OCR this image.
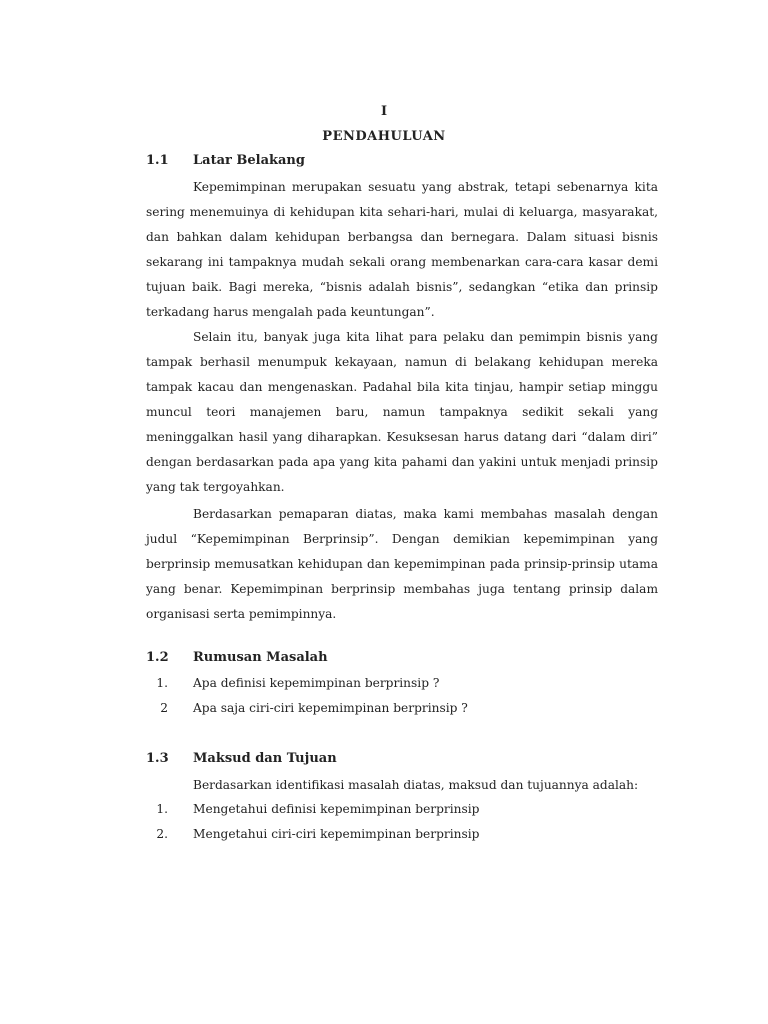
I
PENDAHULUAN
1.1 Latar Belakang

Kepemimpinan merupakan sesuatu yang abstrak, tetapi sebenarnya kita sering menemuinya di kehidupan kita sehari-hari, mulai di keluarga, masyarakat, dan bahkan dalam kehidupan berbangsa dan bernegara. Dalam situasi bisnis sekarang ini tampaknya mudah sekali orang membenarkan cara-cara kasar demi tujuan baik. Bagi mereka, “bisnis adalah bisnis”, sedangkan “etika dan prinsip terkadang harus mengalah pada keuntungan”.

Selain itu, banyak juga kita lihat para pelaku dan pemimpin bisnis yang tampak berhasil menumpuk kekayaan, namun di belakang kehidupan mereka tampak kacau dan mengenaskan. Padahal bila kita tinjau, hampir setiap minggu muncul teori manajemen baru, namun tampaknya sedikit sekali yang meninggalkan hasil yang diharapkan. Kesuksesan harus datang dari “dalam diri” dengan berdasarkan pada apa yang kita pahami dan yakini untuk menjadi prinsip yang tak tergoyahkan.

Berdasarkan pemaparan diatas, maka kami membahas masalah dengan judul “Kepemimpinan Berprinsip”. Dengan demikian kepemimpinan yang berprinsip memusatkan kehidupan dan kepemimpinan pada prinsip-prinsip utama yang benar. Kepemimpinan berprinsip membahas juga tentang prinsip dalam organisasi serta pemimpinnya.

1.2 Rumusan Masalah

1. Apa definisi kepemimpinan berprinsip ?

2 Apa saja ciri-ciri kepemimpinan berprinsip ?

1.3 Maksud dan Tujuan

Berdasarkan identifikasi masalah diatas, maksud dan tujuannya adalah:

1. Mengetahui definisi kepemimpinan berprinsip

2. Mengetahui ciri-ciri kepemimpinan berprinsip
